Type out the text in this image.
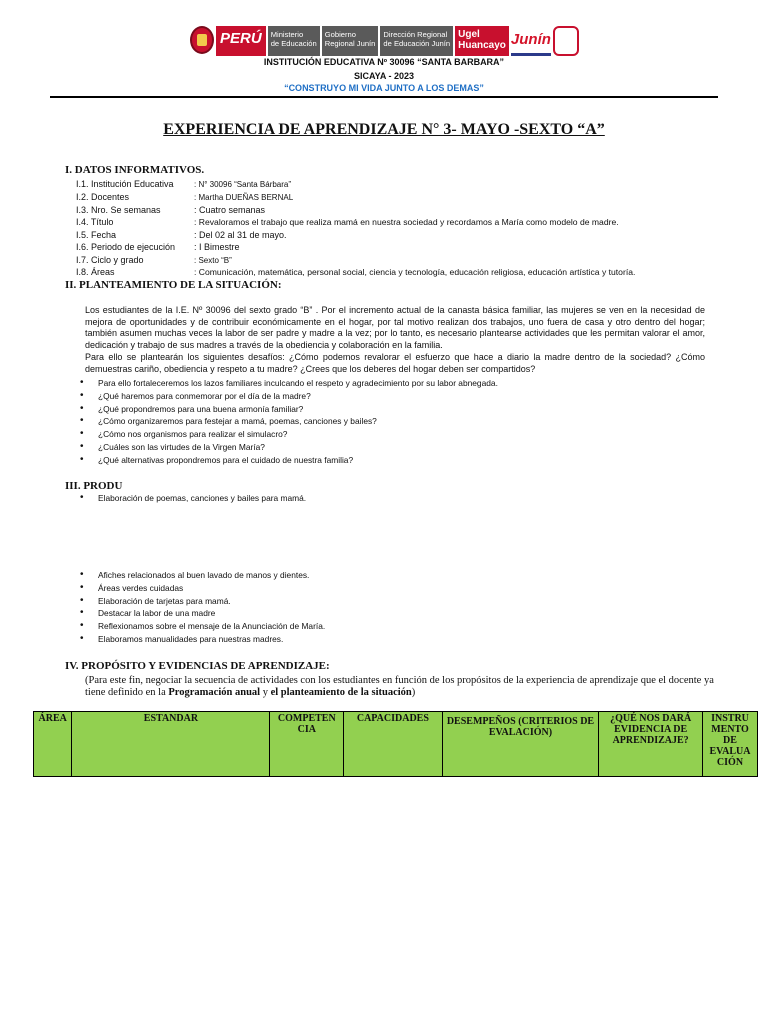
PERÚ	Ministerio
de Educación
Gobierno
Regional Junín
Dirección Regional
de Educación Junín
Ugel
Huancayo Junín
INSTITUCIÓN EDUCATIVA Nº 30096 “SANTA BARBARA”
SICAYA - 2023
“CONSTRUYO MI VIDA JUNTO A LOS DEMAS”
EXPERIENCIA DE APRENDIZAJE N° 3- MAYO -SEXTO “A”
I. DATOS INFORMATIVOS.
I.1. Institución Educativa	: N° 30096 “Santa Bárbara”
I.2. Docentes	: Martha DUEÑAS BERNAL
I.3. Nro. Se semanas	: Cuatro semanas
I.4. Título	: Revaloramos el trabajo que realiza mamá en nuestra sociedad y recordamos a María como modelo de madre.
I.5. Fecha	: Del 02 al 31 de mayo.
I.6. Periodo de ejecución : I Bimestre
I.7. Ciclo y grado	: Sexto “B”
I.8. Áreas	: Comunicación, matemática, personal social, ciencia y tecnología, educación religiosa, educación artística y tutoría.
II. PLANTEAMIENTO DE LA SITUACIÓN:
Los estudiantes de la I.E. Nº 30096 del sexto grado “B” . Por el incremento actual de la canasta básica familiar, las mujeres se ven en la necesidad de mejora de oportunidades y de contribuir económicamente en el hogar, por tal motivo realizan dos trabajos, uno fuera de casa y otro dentro del hogar; también asumen muchas veces la labor de ser padre y madre a la vez; por lo tanto, es necesario plantearse actividades que les permitan valorar el amor, dedicación y trabajo de sus madres a través de la obediencia y colaboración en la familia.
Para ello se plantearán los siguientes desafíos: ¿Cómo podemos revalorar el esfuerzo que hace a diario la madre dentro de la sociedad? ¿Cómo demuestras cariño, obediencia y respeto a tu madre? ¿Crees que los deberes del hogar deben ser compartidos?
• Para ello fortaleceremos los lazos familiares inculcando el respeto y agradecimiento por su labor abnegada.
• ¿Qué haremos para conmemorar por el día de la madre?
• ¿Qué propondremos para una buena armonía familiar?
• ¿Cómo organizaremos para festejar a mamá, poemas, canciones y bailes?
• ¿Cómo nos organismos para realizar el simulacro?
• ¿Cuáles son las virtudes de la Virgen María?
• ¿Qué alternativas propondremos para el cuidado de nuestra familia?
III. PRODU
• Elaboración de poemas, canciones y bailes para mamá.
• Afiches relacionados al buen lavado de manos y dientes.
• Áreas verdes cuidadas
• Elaboración de tarjetas para mamá.
• Destacar la labor de una madre
• Reflexionamos sobre el mensaje de la Anunciación de María.
• Elaboramos manualidades para nuestras madres.
IV. PROPÓSITO Y EVIDENCIAS DE APRENDIZAJE:
(Para este fin, negociar la secuencia de actividades con los estudiantes en función de los propósitos de la experiencia de aprendizaje que el docente ya tiene definido en la Programación anual y el planteamiento de la situación)
ÁREA	ESTANDAR	COMPETEN CIA	CAPACIDADES	DESEMPEÑOS (CRITERIOS DE EVALACIÓN)	¿QUÉ NOS DARÁ EVIDENCIA DE APRENDIZAJE?	INSTRU MENTO DE EVALUA CIÓN
